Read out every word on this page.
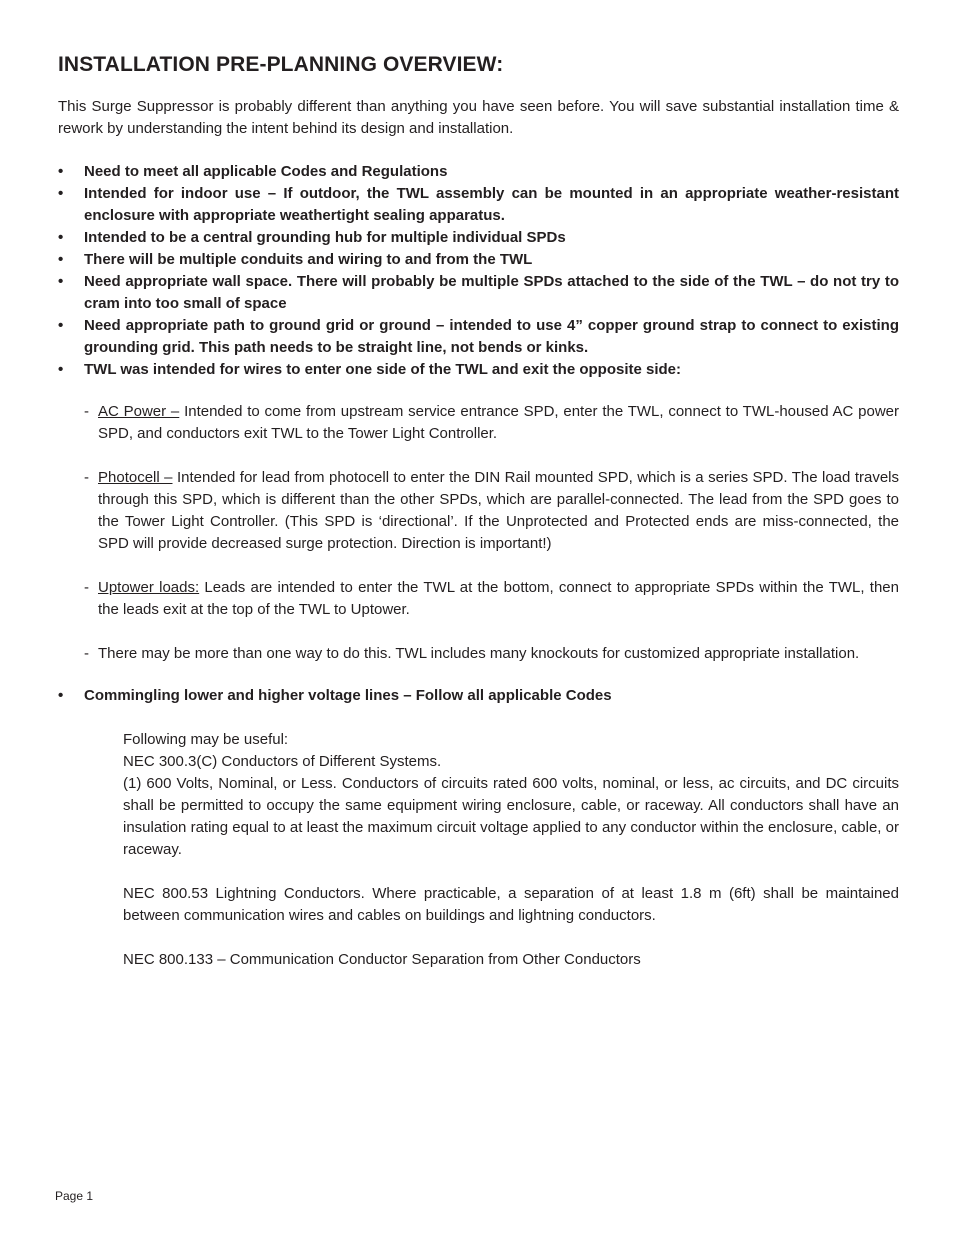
INSTALLATION PRE-PLANNING OVERVIEW:

This Surge Suppressor is probably different than anything you have seen before. You will save substantial installation time & rework by understanding the intent behind its design and installation.

• Need to meet all applicable Codes and Regulations
• Intended for indoor use – If outdoor, the TWL assembly can be mounted in an appropriate weather-resistant enclosure with appropriate weathertight sealing apparatus.
• Intended to be a central grounding hub for multiple individual SPDs
• There will be multiple conduits and wiring to and from the TWL
• Need appropriate wall space. There will probably be multiple SPDs attached to the side of the TWL – do not try to cram into too small of space
• Need appropriate path to ground grid or ground – intended to use 4” copper ground strap to connect to existing grounding grid. This path needs to be straight line, not bends or kinks.
• TWL was intended for wires to enter one side of the TWL and exit the opposite side:
- AC Power – Intended to come from upstream service entrance SPD, enter the TWL, connect to TWL-housed AC power SPD, and conductors exit TWL to the Tower Light Controller.
- Photocell – Intended for lead from photocell to enter the DIN Rail mounted SPD, which is a series SPD. The load travels through this SPD, which is different than the other SPDs, which are parallel-connected. The lead from the SPD goes to the Tower Light Controller. (This SPD is ‘directional’. If the Unprotected and Protected ends are miss-connected, the SPD will provide decreased surge protection. Direction is important!)
- Uptower loads: Leads are intended to enter the TWL at the bottom, connect to appropriate SPDs within the TWL, then the leads exit at the top of the TWL to Uptower.
- There may be more than one way to do this. TWL includes many knockouts for customized appropriate installation.
• Commingling lower and higher voltage lines – Follow all applicable Codes

Following may be useful:

NEC 300.3(C) Conductors of Different Systems.

(1) 600 Volts, Nominal, or Less. Conductors of circuits rated 600 volts, nominal, or less, ac circuits, and DC circuits shall be permitted to occupy the same equipment wiring enclosure, cable, or raceway. All conductors shall have an insulation rating equal to at least the maximum circuit voltage applied to any conductor within the enclosure, cable, or raceway.

NEC 800.53 Lightning Conductors. Where practicable, a separation of at least 1.8 m (6ft) shall be maintained between communication wires and cables on buildings and lightning conductors.

NEC 800.133 – Communication Conductor Separation from Other Conductors

Page 1
